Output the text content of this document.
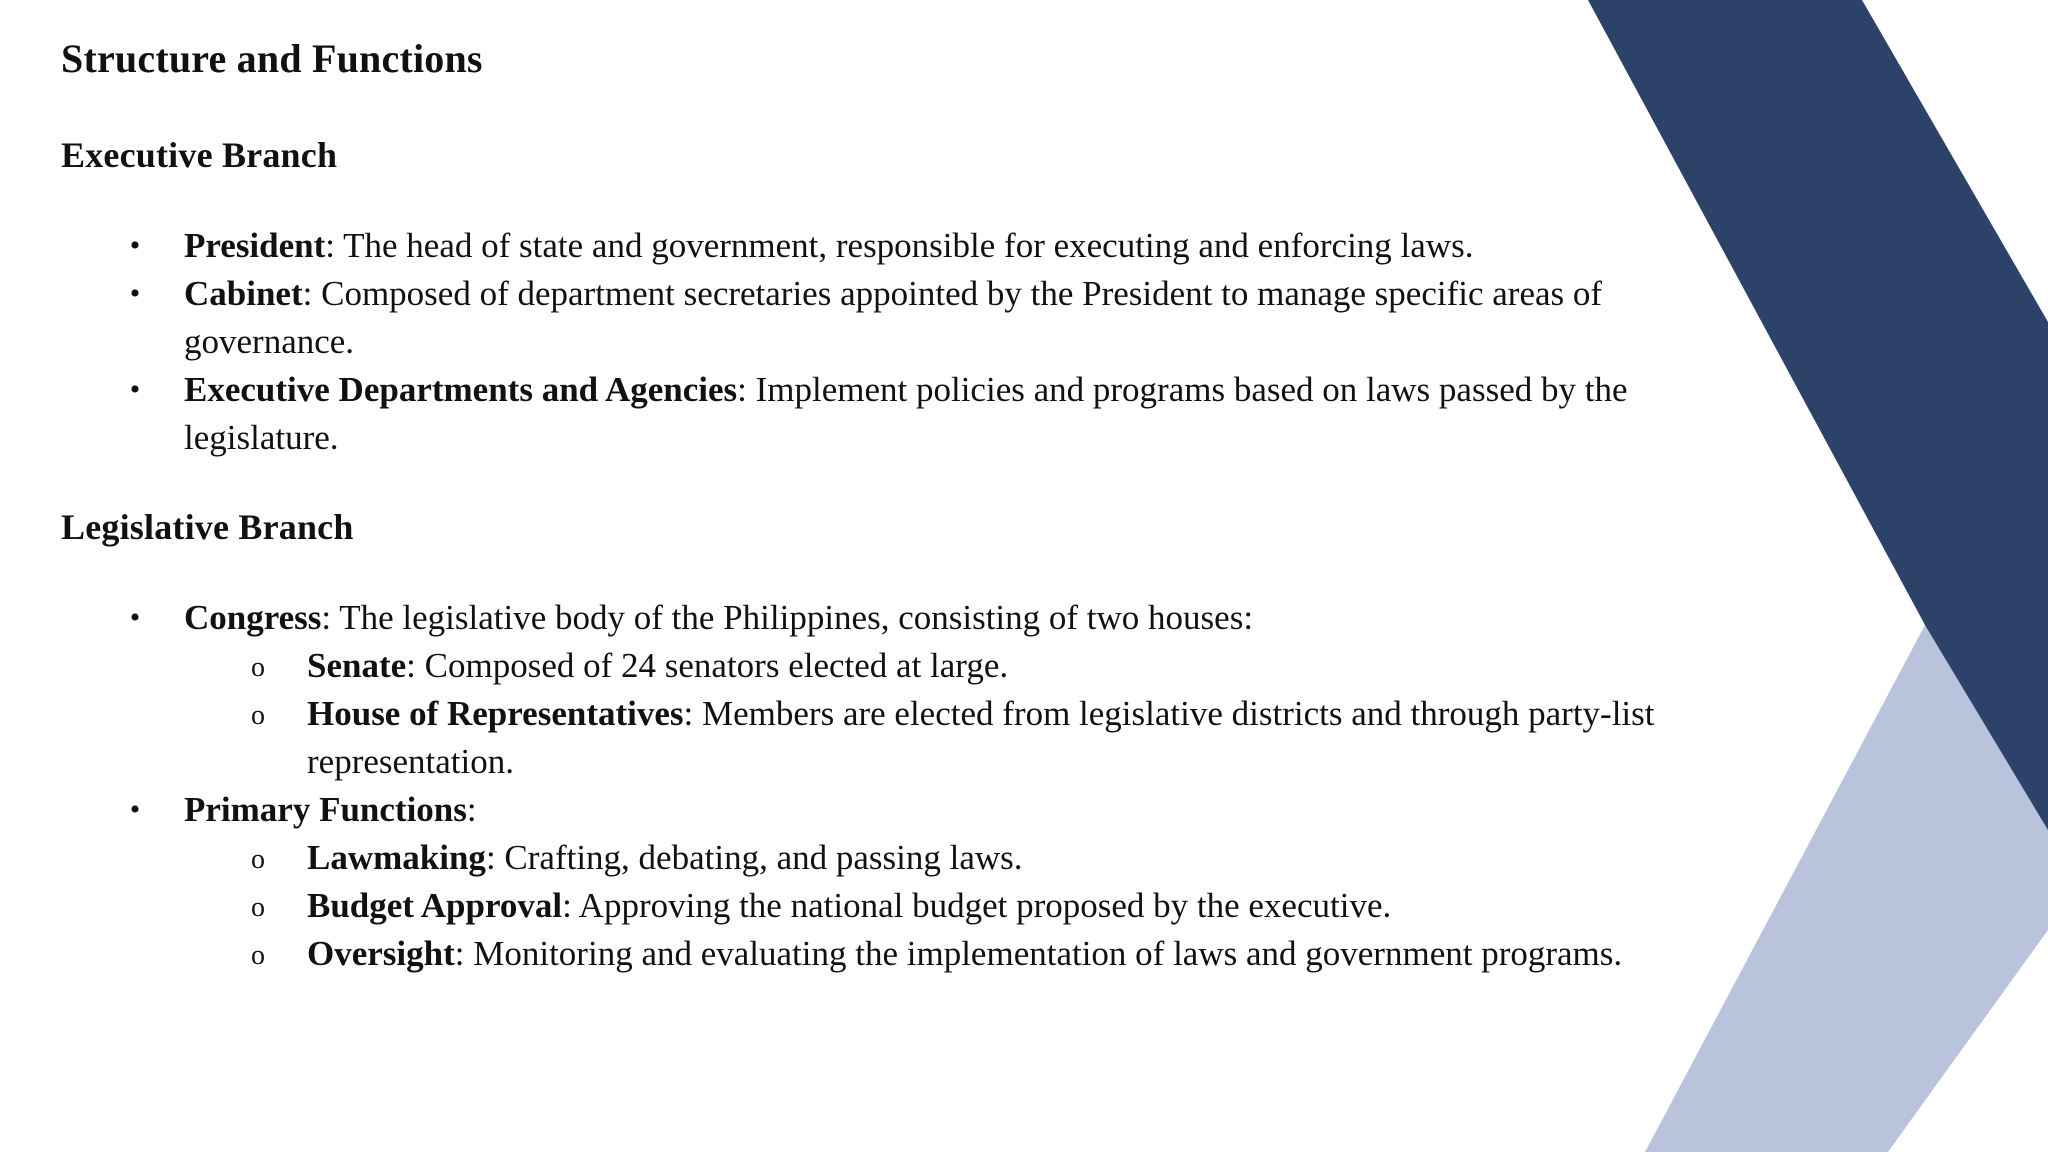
Structure and Functions
Executive Branch
• President: The head of state and government, responsible for executing and enforcing laws.
• Cabinet: Composed of department secretaries appointed by the President to manage specific areas of governance.
• Executive Departments and Agencies: Implement policies and programs based on laws passed by the legislature.
Legislative Branch
• Congress: The legislative body of the Philippines, consisting of two houses:
o Senate: Composed of 24 senators elected at large.
o House of Representatives: Members are elected from legislative districts and through party-list representation.
• Primary Functions:
o Lawmaking: Crafting, debating, and passing laws.
o Budget Approval: Approving the national budget proposed by the executive.
o Oversight: Monitoring and evaluating the implementation of laws and government programs.
